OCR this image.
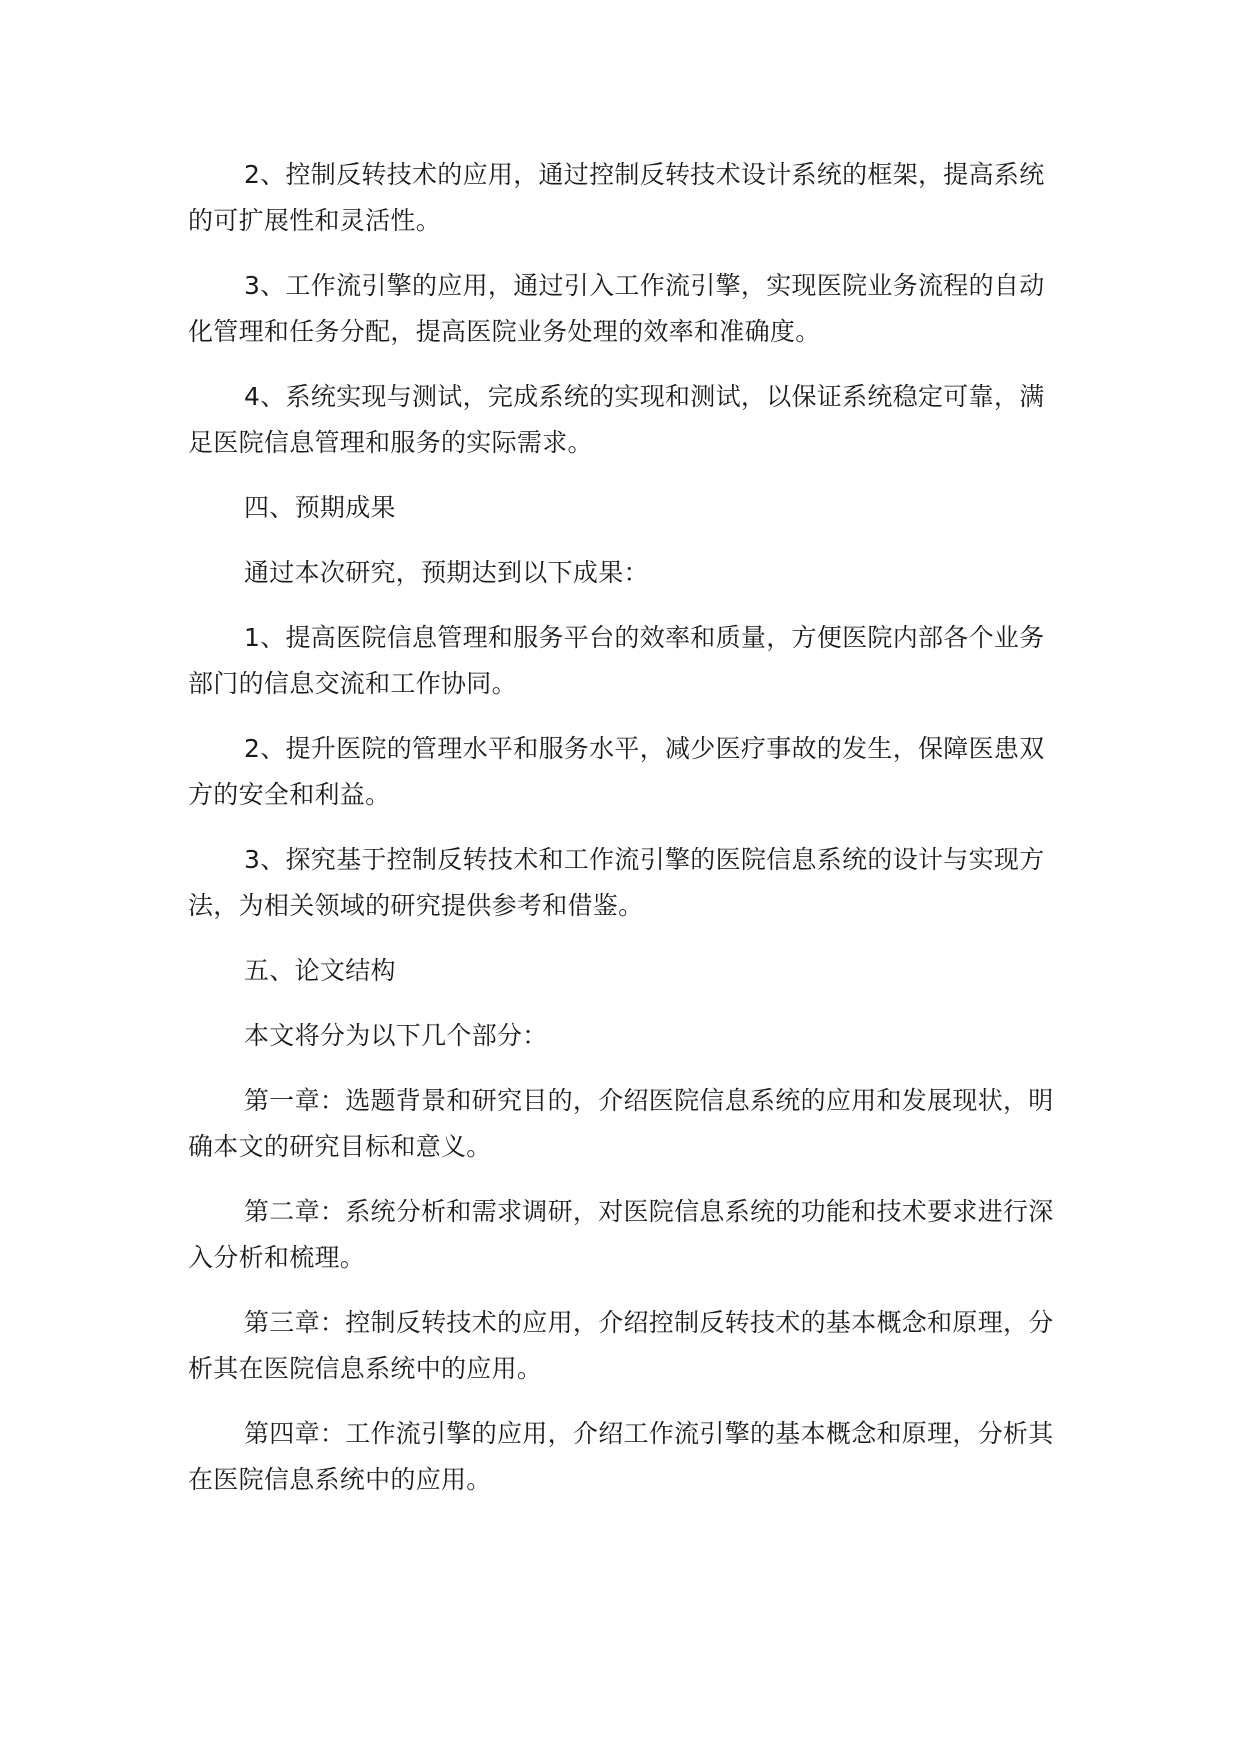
2、控制反转技术的应用，通过控制反转技术设计系统的框架，提高系统的可扩展性和灵活性。

3、工作流引擎的应用，通过引入工作流引擎，实现医院业务流程的自动化管理和任务分配，提高医院业务处理的效率和准确度。

4、系统实现与测试，完成系统的实现和测试，以保证系统稳定可靠，满足医院信息管理和服务的实际需求。

四、预期成果

通过本次研究，预期达到以下成果：

1、提高医院信息管理和服务平台的效率和质量，方便医院内部各个业务部门的信息交流和工作协同。

2、提升医院的管理水平和服务水平，减少医疗事故的发生，保障医患双方的安全和利益。

3、探究基于控制反转技术和工作流引擎的医院信息系统的设计与实现方法，为相关领域的研究提供参考和借鉴。

五、论文结构

本文将分为以下几个部分：

第一章：选题背景和研究目的，介绍医院信息系统的应用和发展现状，明确本文的研究目标和意义。

第二章：系统分析和需求调研，对医院信息系统的功能和技术要求进行深入分析和梳理。

第三章：控制反转技术的应用，介绍控制反转技术的基本概念和原理，分析其在医院信息系统中的应用。

第四章：工作流引擎的应用，介绍工作流引擎的基本概念和原理，分析其在医院信息系统中的应用。
